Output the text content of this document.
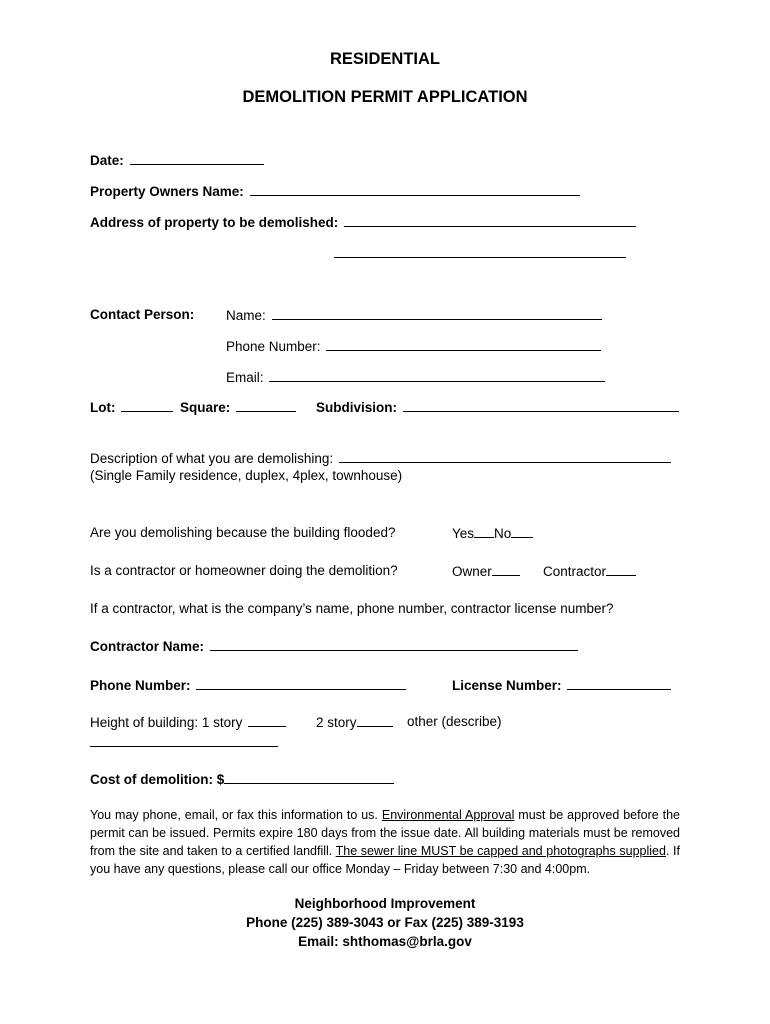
RESIDENTIAL
DEMOLITION PERMIT APPLICATION
Date:
Property Owners Name:
Address of property to be demolished:
Contact Person: Name:
Phone Number:
Email:
Lot:	Square:	Subdivision:
Description of what you are demolishing:
(Single Family residence, duplex, 4plex, townhouse)
Are you demolishing because the building flooded?	Yes No
Is a contractor or homeowner doing the demolition?	Owner	Contractor
If a contractor, what is the company’s name, phone number, contractor license number?
Contractor Name:
Phone Number:	License Number:
Height of building: 1 story	2 story	other (describe)
Cost of demolition: $
You may phone, email, or fax this information to us. Environmental Approval must be approved before the permit can be issued. Permits expire 180 days from the issue date. All building materials must be removed from the site and taken to a certified landfill. The sewer line MUST be capped and photographs supplied. If you have any questions, please call our office Monday – Friday between 7:30 and 4:00pm.
Neighborhood Improvement
Phone (225) 389-3043 or Fax (225) 389-3193
Email: shthomas@brla.gov
